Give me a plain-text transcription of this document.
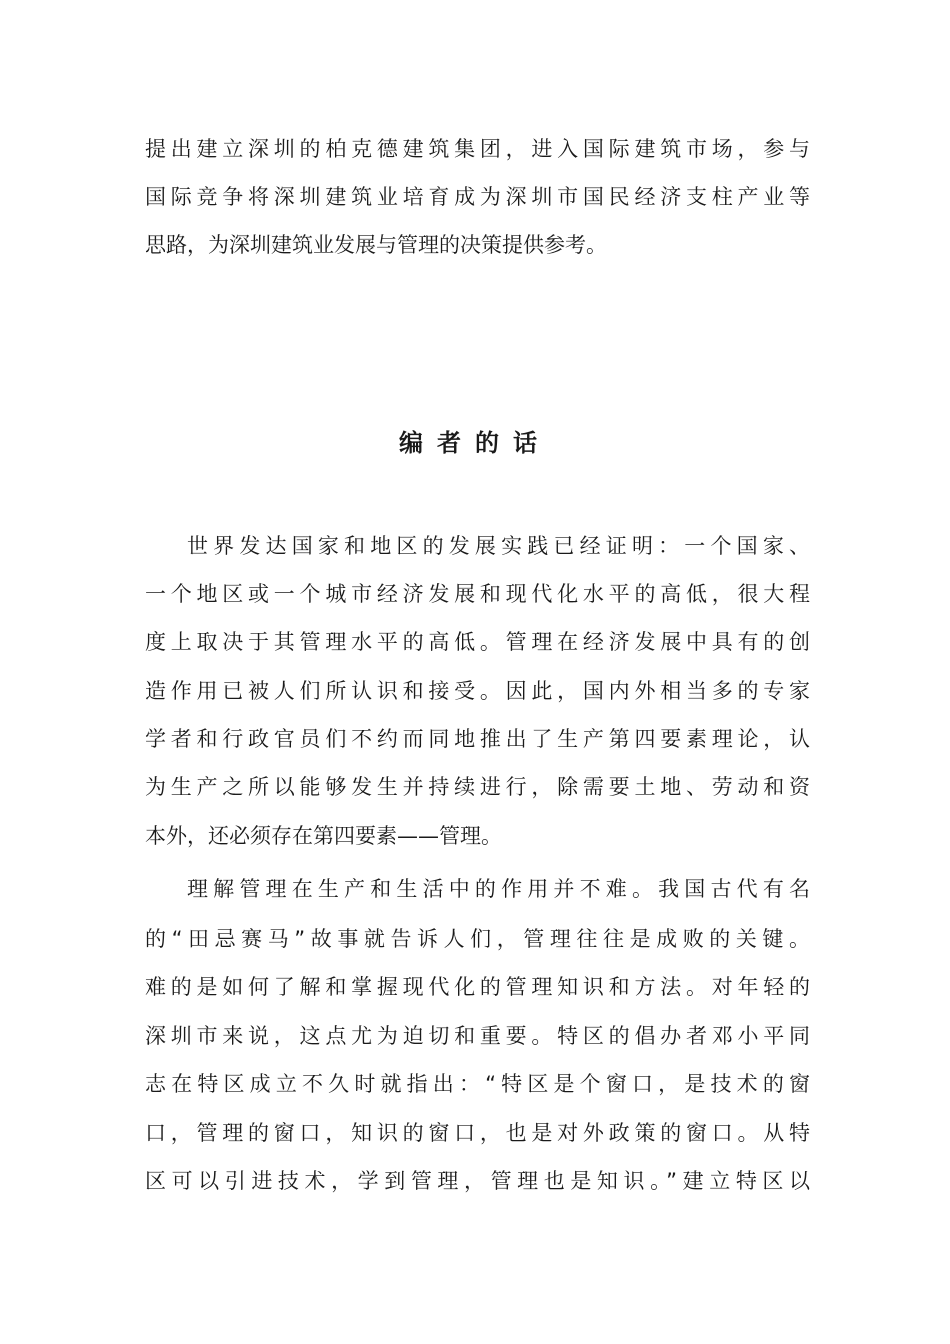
提出建立深圳的柏克德建筑集团，进入国际建筑市场，参与
国际竞争将深圳建筑业培育成为深圳市国民经济支柱产业等
思路，为深圳建筑业发展与管理的决策提供参考。
编者的话
世界发达国家和地区的发展实践已经证明：一个国家、
一个地区或一个城市经济发展和现代化水平的高低，很大程
度上取决于其管理水平的高低。管理在经济发展中具有的创
造作用已被人们所认识和接受。因此，国内外相当多的专家
学者和行政官员们不约而同地推出了生产第四要素理论，认
为生产之所以能够发生并持续进行，除需要土地、劳动和资
本外，还必须存在第四要素——管理。
理解管理在生产和生活中的作用并不难。我国古代有名
的“田忌赛马”故事就告诉人们，管理往往是成败的关键。
难的是如何了解和掌握现代化的管理知识和方法。对年轻的
深圳市来说，这点尤为迫切和重要。特区的倡办者邓小平同
志在特区成立不久时就指出：“特区是个窗口，是技术的窗
口，管理的窗口，知识的窗口，也是对外政策的窗口。从特
区可以引进技术，学到管理，管理也是知识。”建立特区以
